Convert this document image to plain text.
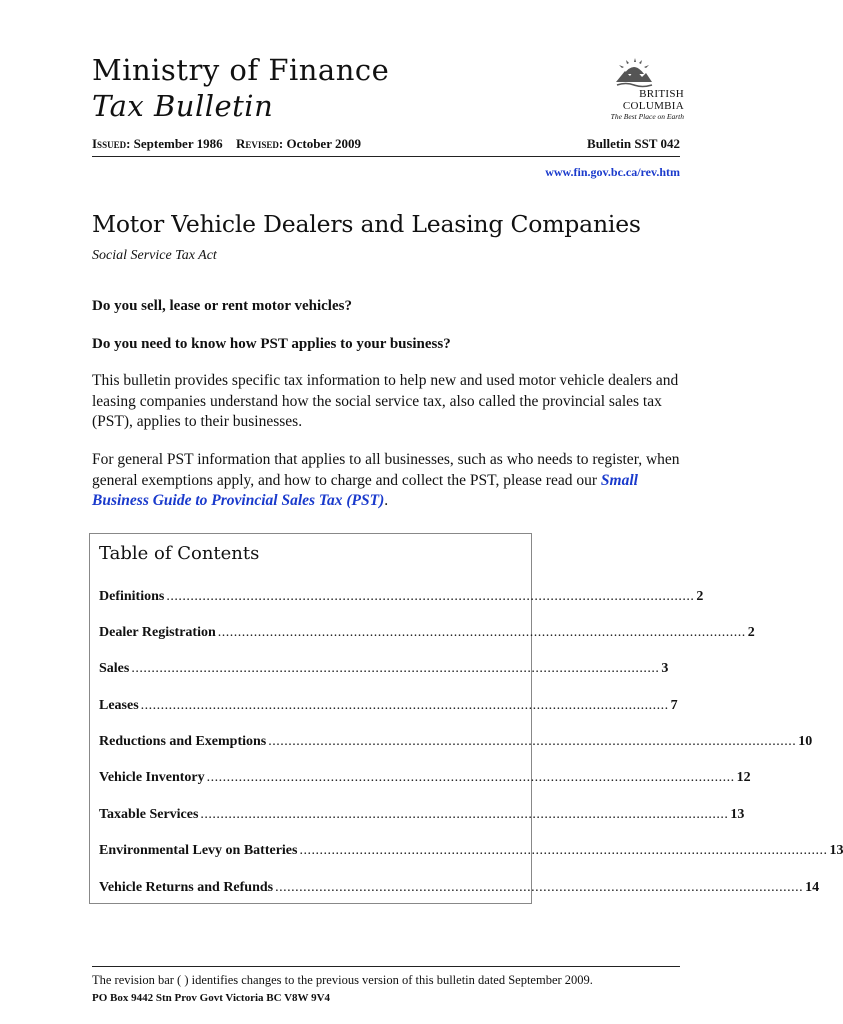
Ministry of Finance
Tax Bulletin	BRITISH
COLUMBIA
The Best Place on Earth
Issued: September 1986 Revised: October 2009	Bulletin SST 042
www.fin.gov.bc.ca/rev.htm
Motor Vehicle Dealers and Leasing Companies
Social Service Tax Act
Do you sell, lease or rent motor vehicles?
Do you need to know how PST applies to your business?
This bulletin provides specific tax information to help new and used motor vehicle dealers and leasing companies understand how the social service tax, also called the provincial sales tax (PST), applies to their businesses.
For general PST information that applies to all businesses, such as who needs to register, when general exemptions apply, and how to charge and collect the PST, please read our Small Business Guide to Provincial Sales Tax (PST).
Table of Contents
Definitions .................................................................................................................................... 2
Dealer Registration .................................................................................................................................... 2
Sales .................................................................................................................................... 3
Leases .................................................................................................................................... 7
Reductions and Exemptions .................................................................................................................................... 10
Vehicle Inventory .................................................................................................................................... 12
Taxable Services .................................................................................................................................... 13
Environmental Levy on Batteries .................................................................................................................................... 13
Vehicle Returns and Refunds .................................................................................................................................... 14
The revision bar ( ) identifies changes to the previous version of this bulletin dated September 2009.
PO Box 9442 Stn Prov Govt Victoria BC V8W 9V4
